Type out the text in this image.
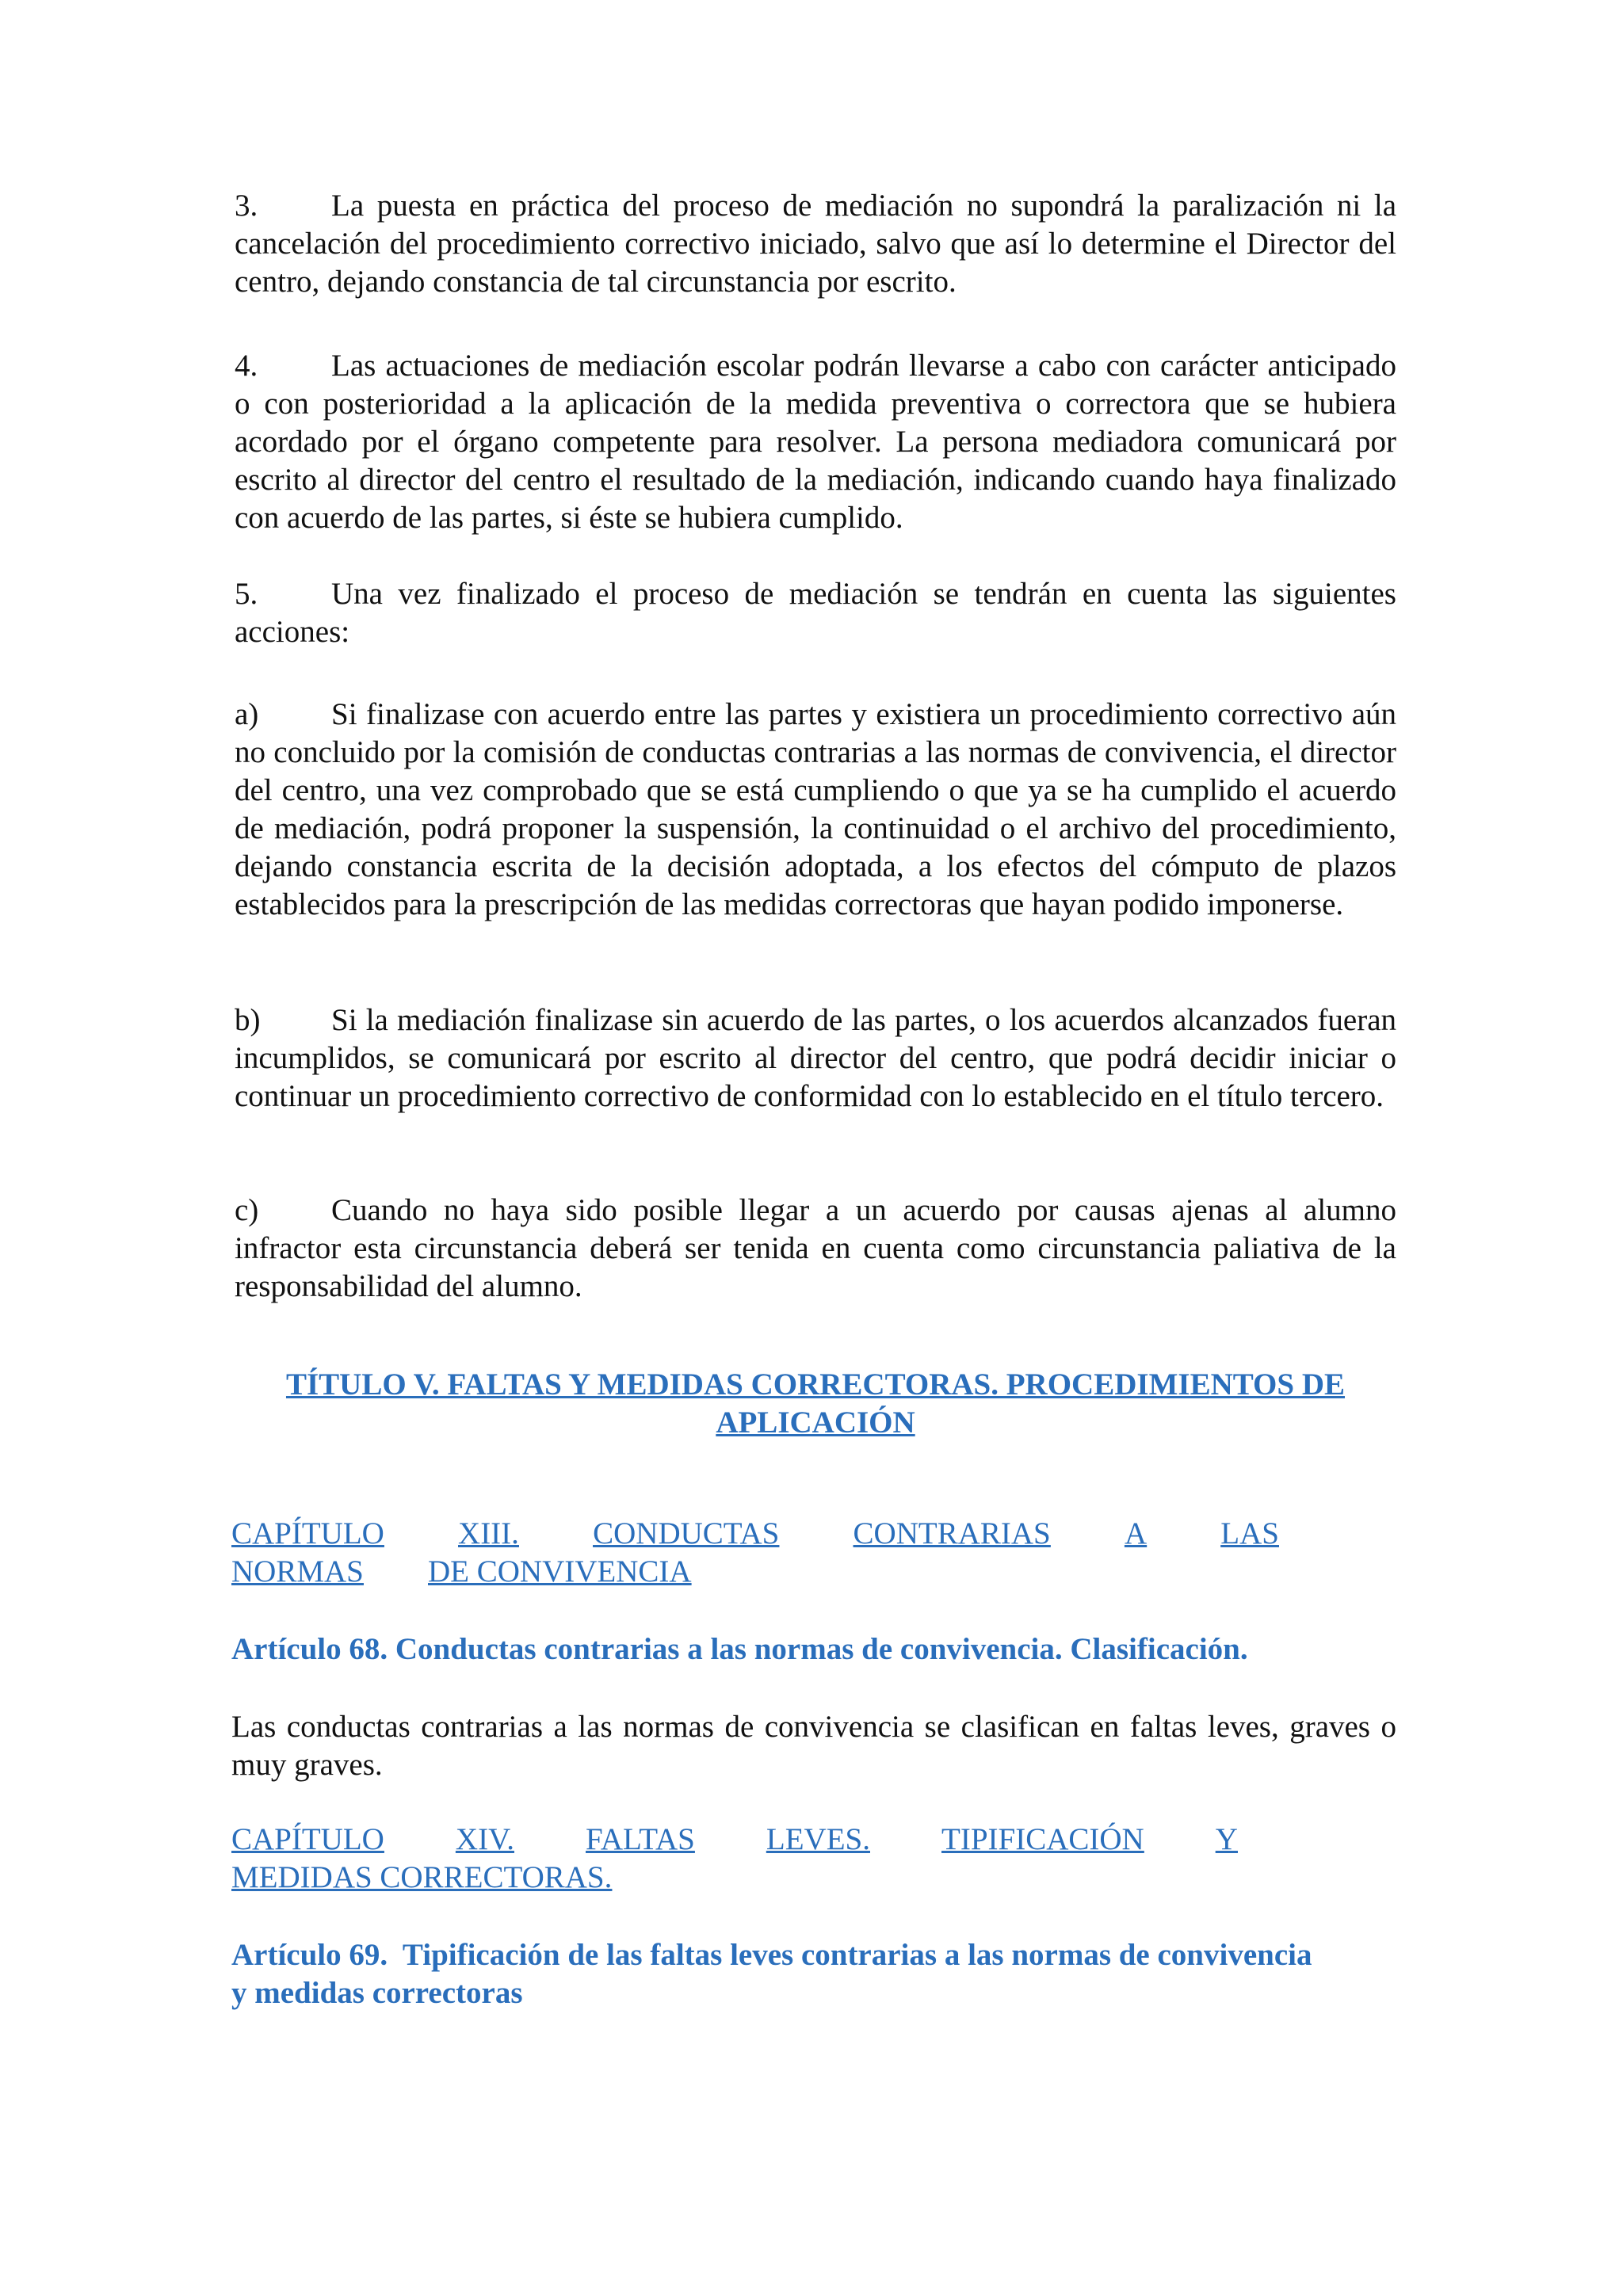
3. La puesta en práctica del proceso de mediación no supondrá la paralización ni la cancelación del procedimiento correctivo iniciado, salvo que así lo determine el Director del centro, dejando constancia de tal circunstancia por escrito.
4. Las actuaciones de mediación escolar podrán llevarse a cabo con carácter anticipado o con posterioridad a la aplicación de la medida preventiva o correctora que se hubiera acordado por el órgano competente para resolver. La persona mediadora comunicará por escrito al director del centro el resultado de la mediación, indicando cuando haya finalizado con acuerdo de las partes, si éste se hubiera cumplido.
5. Una vez finalizado el proceso de mediación se tendrán en cuenta las siguientes acciones:
a) Si finalizase con acuerdo entre las partes y existiera un procedimiento correctivo aún no concluido por la comisión de conductas contrarias a las normas de convivencia, el director del centro, una vez comprobado que se está cumpliendo o que ya se ha cumplido el acuerdo de mediación, podrá proponer la suspensión, la continuidad o el archivo del procedimiento, dejando constancia escrita de la decisión adoptada, a los efectos del cómputo de plazos establecidos para la prescripción de las medidas correctoras que hayan podido imponerse.
b) Si la mediación finalizase sin acuerdo de las partes, o los acuerdos alcanzados fueran incumplidos, se comunicará por escrito al director del centro, que podrá decidir iniciar o continuar un procedimiento correctivo de conformidad con lo establecido en el título tercero.
c) Cuando no haya sido posible llegar a un acuerdo por causas ajenas al alumno infractor esta circunstancia deberá ser tenida en cuenta como circunstancia paliativa de la responsabilidad del alumno.
TÍTULO V. FALTAS Y MEDIDAS CORRECTORAS. PROCEDIMIENTOS DE
APLICACIÓN
CAPÍTULO XIII. CONDUCTAS CONTRARIAS A LAS
NORMAS	DE CONVIVENCIA
Artículo 68. Conductas contrarias a las normas de convivencia. Clasificación.
Las conductas contrarias a las normas de convivencia se clasifican en faltas leves, graves o muy graves.
CAPÍTULO XIV. FALTAS LEVES. TIPIFICACIÓN Y
MEDIDAS CORRECTORAS.
Artículo 69.  Tipificación de las faltas leves contrarias a las normas de convivencia
y medidas correctoras
